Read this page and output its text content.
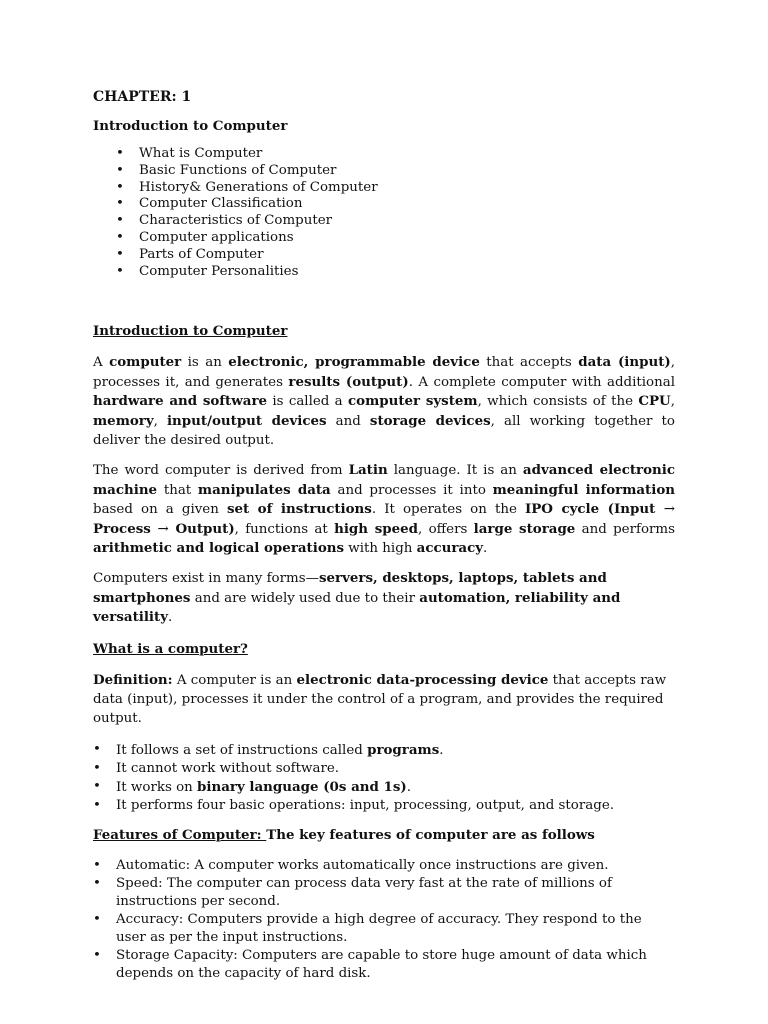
CHAPTER: 1

Introduction to Computer

• What is Computer
• Basic Functions of Computer
• History& Generations of Computer
• Computer Classification
• Characteristics of Computer
• Computer applications
• Parts of Computer
• Computer Personalities

Introduction to Computer

A computer is an electronic, programmable device that accepts data (input), processes it, and generates results (output). A complete computer with additional hardware and software is called a computer system, which consists of the CPU, memory, input/output devices and storage devices, all working together to deliver the desired output.

The word computer is derived from Latin language. It is an advanced electronic machine that manipulates data and processes it into meaningful information based on a given set of instructions. It operates on the IPO cycle (Input → Process → Output), functions at high speed, offers large storage and performs arithmetic and logical operations with high accuracy.

Computers exist in many forms—servers, desktops, laptops, tablets and smartphones and are widely used due to their automation, reliability and versatility.

What is a computer?

Definition: A computer is an electronic data-processing device that accepts raw data (input), processes it under the control of a program, and provides the required output.

• It follows a set of instructions called programs.
• It cannot work without software.
• It works on binary language (0s and 1s).
• It performs four basic operations: input, processing, output, and storage.

Features of Computer: The key features of computer are as follows

• Automatic: A computer works automatically once instructions are given.
• Speed: The computer can process data very fast at the rate of millions of instructions per second.
• Accuracy: Computers provide a high degree of accuracy. They respond to the user as per the input instructions.
• Storage Capacity: Computers are capable to store huge amount of data which depends on the capacity of hard disk.
